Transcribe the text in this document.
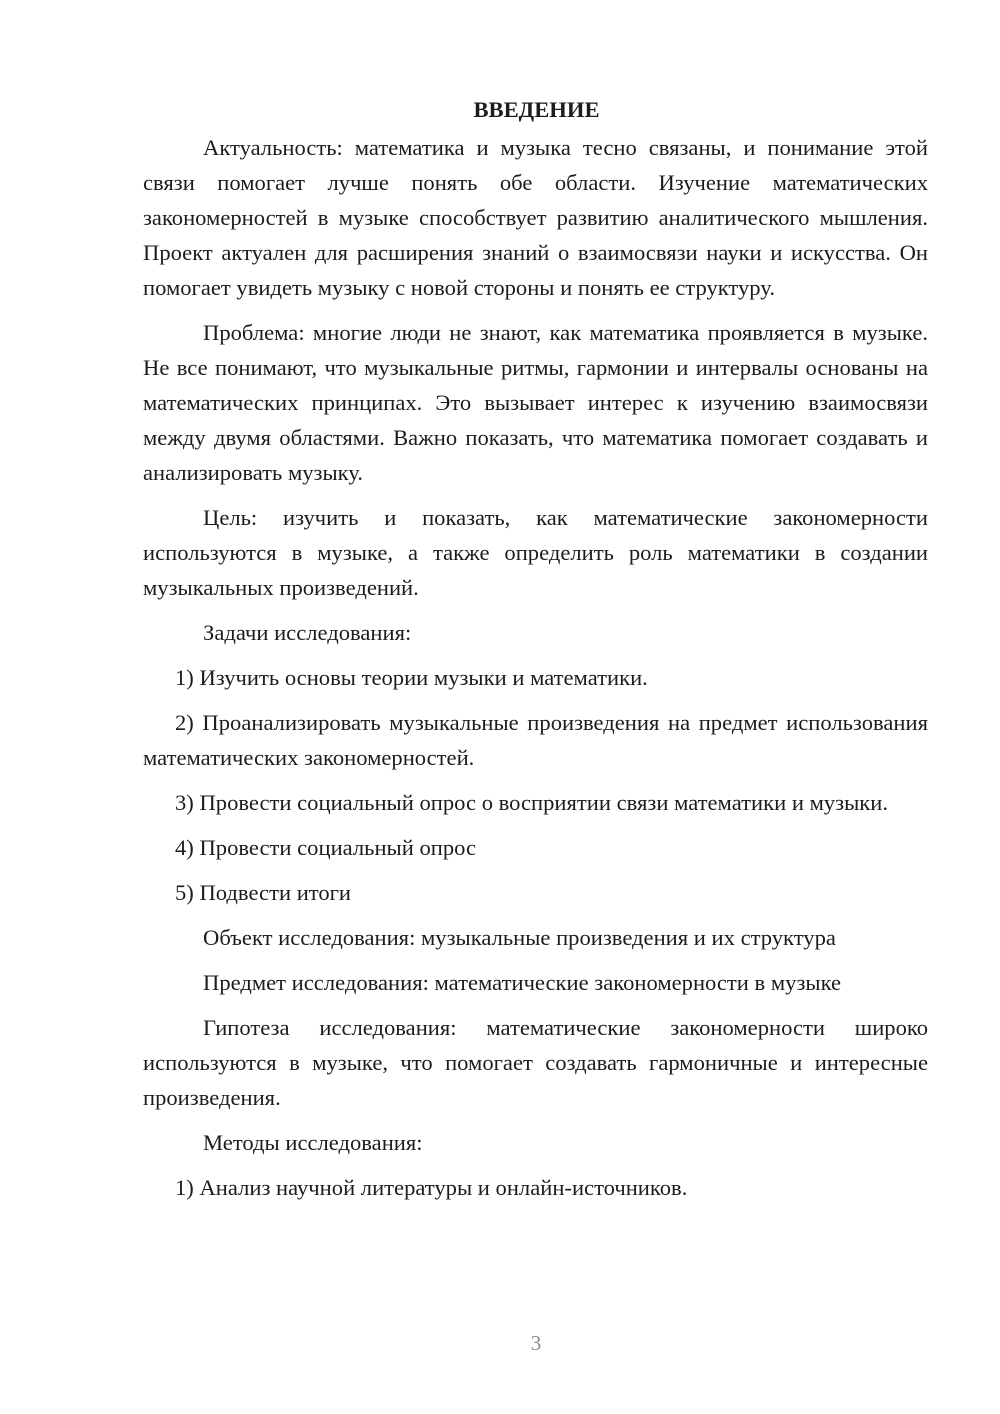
ВВЕДЕНИЕ

Актуальность: математика и музыка тесно связаны, и понимание этой связи помогает лучше понять обе области. Изучение математических закономерностей в музыке способствует развитию аналитического мышления. Проект актуален для расширения знаний о взаимосвязи науки и искусства. Он помогает увидеть музыку с новой стороны и понять ее структуру.

Проблема: многие люди не знают, как математика проявляется в музыке. Не все понимают, что музыкальные ритмы, гармонии и интервалы основаны на математических принципах. Это вызывает интерес к изучению взаимосвязи между двумя областями. Важно показать, что математика помогает создавать и анализировать музыку.

Цель: изучить и показать, как математические закономерности используются в музыке, а также определить роль математики в создании музыкальных произведений.

Задачи исследования:

1) Изучить основы теории музыки и математики.

2) Проанализировать музыкальные произведения на предмет использования математических закономерностей.

3) Провести социальный опрос о восприятии связи математики и музыки.

4) Провести социальный опрос

5) Подвести итоги

Объект исследования: музыкальные произведения и их структура
Предмет исследования: математические закономерности в музыке

Гипотеза исследования: математические закономерности широко используются в музыке, что помогает создавать гармоничные и интересные произведения.

Методы исследования:

1) Анализ научной литературы и онлайн-источников.

3
